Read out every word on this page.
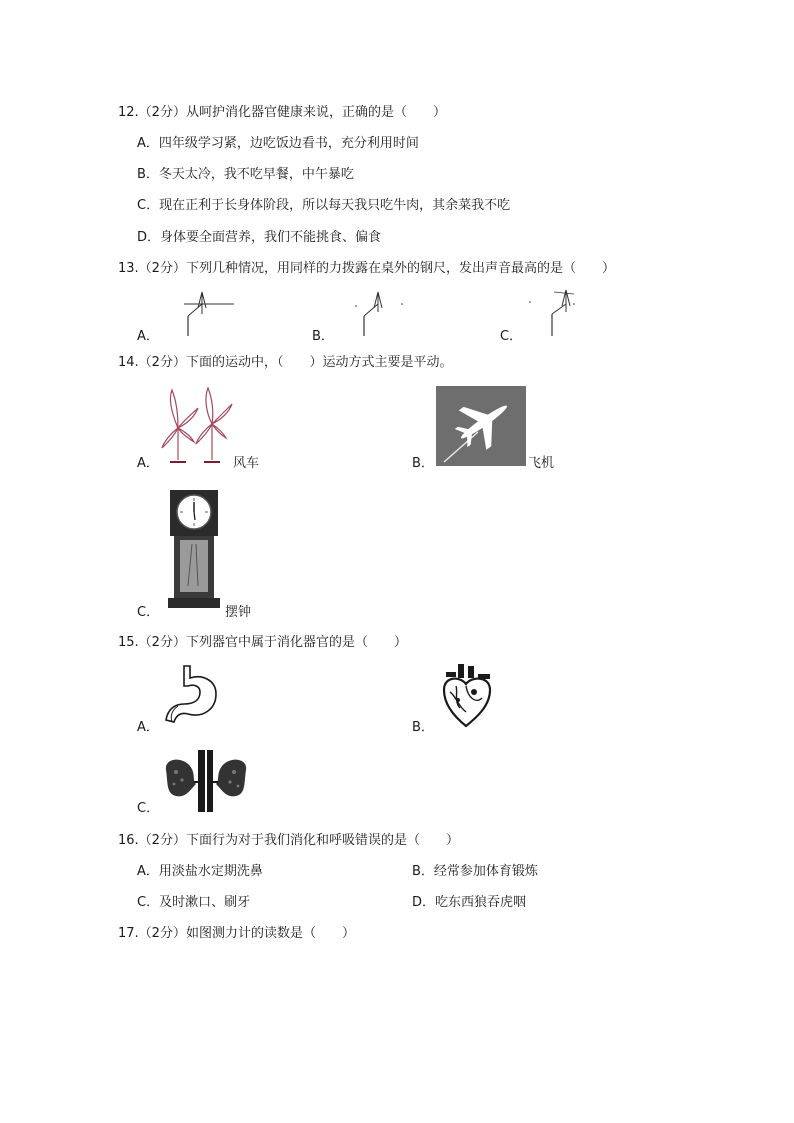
12.（2分）从呵护消化器官健康来说，正确的是（　　）
A．四年级学习紧，边吃饭边看书，充分利用时间
B．冬天太冷，我不吃早餐，中午暴吃
C．现在正利于长身体阶段，所以每天我只吃牛肉，其余菜我不吃
D．身体要全面营养，我们不能挑食、偏食
13.（2分）下列几种情况，用同样的力拨露在桌外的钢尺，发出声音最高的是（　　）
A．	B．	C．
14.（2分）下面的运动中，（　　）运动方式主要是平动。
A．	风车	B．	飞机
C．	摆钟
15.（2分）下列器官中属于消化器官的是（　　）
A．	B．
C．
16.（2分）下面行为对于我们消化和呼吸错误的是（　　）
A．用淡盐水定期洗鼻	B．经常参加体育锻炼
C．及时漱口、刷牙	D．吃东西狼吞虎咽
17.（2分）如图测力计的读数是（　　）
